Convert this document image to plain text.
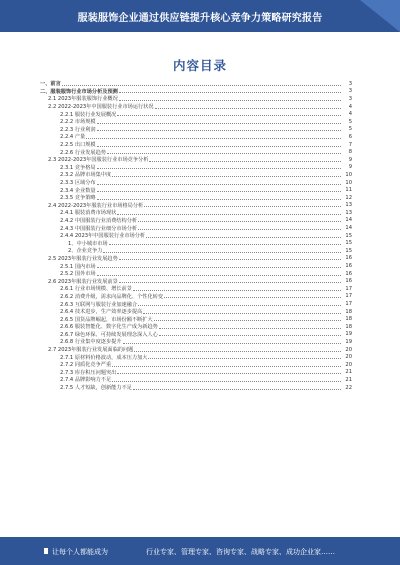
服装服饰企业通过供应链提升核心竞争力策略研究报告
内容目录
一、前言	3
二、服装服饰行业市场分析及预测	3
2.1 2023年服装服饰行业概况	3
2.2 2022-2023年中国服装行业市场运行状况	4
2.2.1 服装行业发展概况	4
2.2.2 市场规模	5
2.2.3 行业利润	5
2.2.4 产量	6
2.2.5 出口规模	7
2.2.6 行业发展趋势	8
2.3 2022-2023年国服装行业市场竞争分析	9
2.3.1 竞争格局	9
2.3.2 品牌市场集中度	10
2.3.3 区域分布	10
2.3.4 企业数量	11
2.3.5 竞争策略	12
2.4 2022-2023年服装行业市场格局分析	13
2.4.1 服装消费市场现状	13
2.4.2 中国服装行业消费结构分析	14
2.4.3 中国服装行业细分市场分析	14
2.4.4 2023年中国服装行业市场分析	15
1、中小城市市场	15
2、企业竞争力	15
2.5 2023年服装行业发展趋势	16
2.5.1 国内市场	16
2.5.2 国外市场	16
2.6 2023年服装行业发展前景	16
2.6.1 行业市场规模、增长前景	17
2.6.2 消费升级，需求向品牌化、个性化转变	17
2.6.3 互联网与服装行业加速融合	17
2.6.4 技术进步，生产效率逐步提高	18
2.6.5 国货品牌崛起，市场份额不断扩大	18
2.6.6 服装智能化、数字化生产成为新趋势	18
2.6.7 绿色环保、可持续发展理念深入人心	19
2.6.8 行业集中度逐步提升	19
2.7 2023年服装行业发展面临的问题	20
2.7.1 原材料价格波动，成本压力加大	20
2.7.2 同质化竞争严重	20
2.7.3 库存积压问题突出	21
2.7.4 品牌影响力不足	21
2.7.5 人才短缺，创新能力不足	22
让每个人都能成为	行业专家、管理专家、咨询专家、战略专家、成功企业家……
